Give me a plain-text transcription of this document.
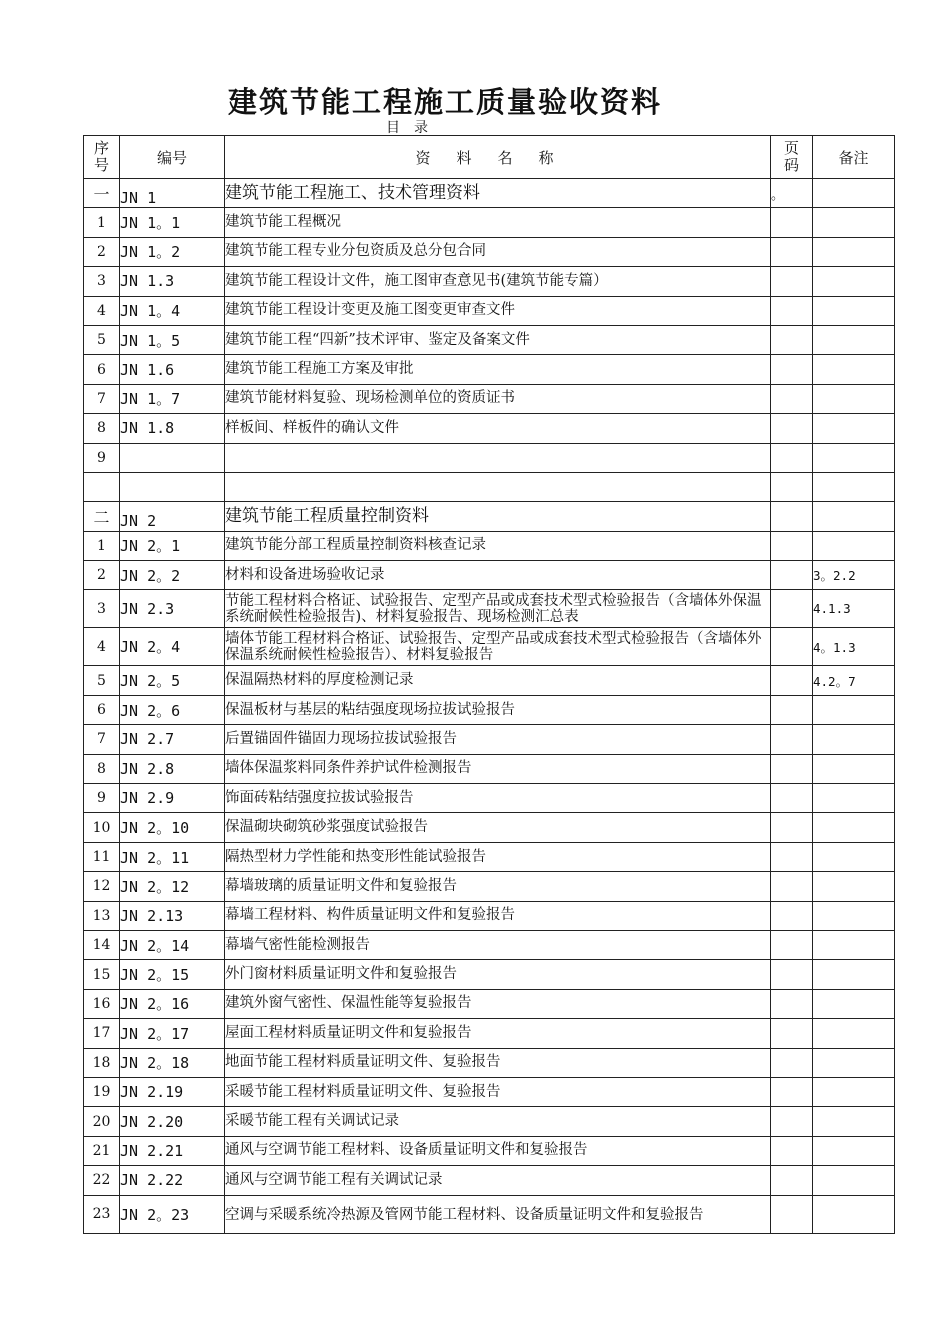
建筑节能工程施工质量验收资料
目录
序号	编号	资料名称	页码	备注
一	JN 1	建筑节能工程施工、技术管理资料	。	
1	JN 1。1	建筑节能工程概况		
2	JN 1。2	建筑节能工程专业分包资质及总分包合同		
3	JN 1.3	建筑节能工程设计文件，施工图审查意见书(建筑节能专篇）		
4	JN 1。4	建筑节能工程设计变更及施工图变更审查文件		
5	JN 1。5	建筑节能工程“四新”技术评审、鉴定及备案文件		
6	JN 1.6	建筑节能工程施工方案及审批		
7	JN 1。7	建筑节能材料复验、现场检测单位的资质证书		
8	JN 1.8	样板间、样板件的确认文件		
9				

二	JN 2	建筑节能工程质量控制资料		
1	JN 2。1	建筑节能分部工程质量控制资料核查记录		
2	JN 2。2	材料和设备进场验收记录		3。2.2
3	JN 2.3	节能工程材料合格证、试验报告、定型产品或成套技术型式检验报告（含墙体外保温系统耐候性检验报告)、材料复验报告、现场检测汇总表		4.1.3
4	JN 2。4	墙体节能工程材料合格证、试验报告、定型产品或成套技术型式检验报告（含墙体外保温系统耐候性检验报告）、材料复验报告		4。1.3
5	JN 2。5	保温隔热材料的厚度检测记录		4.2。7
6	JN 2。6	保温板材与基层的粘结强度现场拉拔试验报告		
7	JN 2.7	后置锚固件锚固力现场拉拔试验报告		
8	JN 2.8	墙体保温浆料同条件养护试件检测报告		
9	JN 2.9	饰面砖粘结强度拉拔试验报告		
10	JN 2。10	保温砌块砌筑砂浆强度试验报告		
11	JN 2。11	隔热型材力学性能和热变形性能试验报告		
12	JN 2。12	幕墙玻璃的质量证明文件和复验报告		
13	JN 2.13	幕墙工程材料、构件质量证明文件和复验报告		
14	JN 2。14	幕墙气密性能检测报告		
15	JN 2。15	外门窗材料质量证明文件和复验报告		
16	JN 2。16	建筑外窗气密性、保温性能等复验报告		
17	JN 2。17	屋面工程材料质量证明文件和复验报告		
18	JN 2。18	地面节能工程材料质量证明文件、复验报告		
19	JN 2.19	采暖节能工程材料质量证明文件、复验报告		
20	JN 2.20	采暖节能工程有关调试记录		
21	JN 2.21	通风与空调节能工程材料、设备质量证明文件和复验报告		
22	JN 2.22	通风与空调节能工程有关调试记录		
23	JN 2。23	空调与采暖系统冷热源及管网节能工程材料、设备质量证明文件和复验报告		
